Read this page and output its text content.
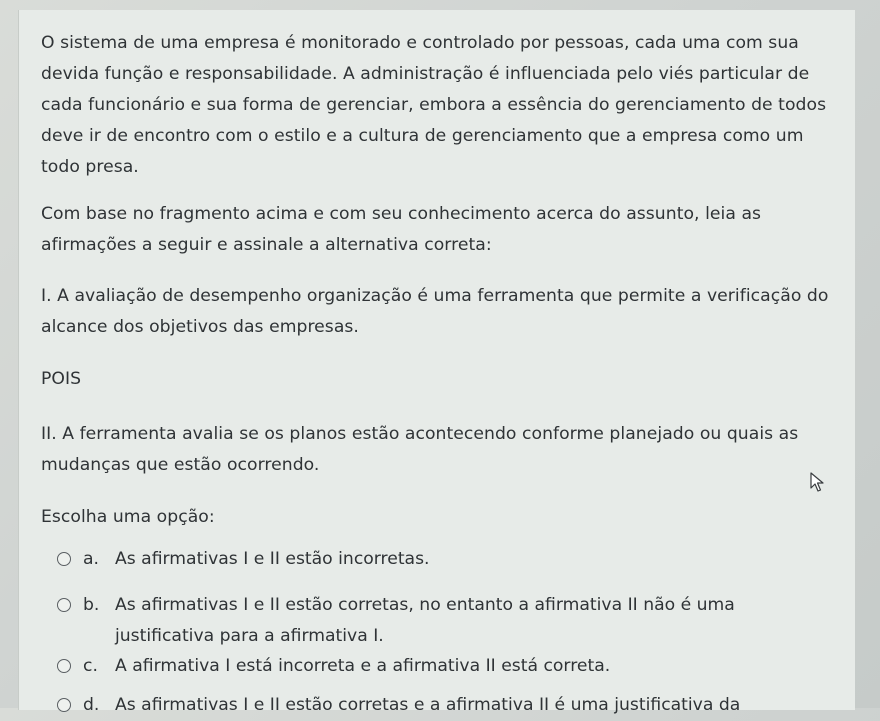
O sistema de uma empresa é monitorado e controlado por pessoas, cada uma com sua devida função e responsabilidade. A administração é influenciada pelo viés particular de cada funcionário e sua forma de gerenciar, embora a essência do gerenciamento de todos deve ir de encontro com o estilo e a cultura de gerenciamento que a empresa como um todo presa.

Com base no fragmento acima e com seu conhecimento acerca do assunto, leia as afirmações a seguir e assinale a alternativa correta:

I. A avaliação de desempenho organização é uma ferramenta que permite a verificação do alcance dos objetivos das empresas.

POIS

II. A ferramenta avalia se os planos estão acontecendo conforme planejado ou quais as mudanças que estão ocorrendo.

Escolha uma opção:

a. As afirmativas I e II estão incorretas.
b. As afirmativas I e II estão corretas, no entanto a afirmativa II não é uma justificativa para a afirmativa I.
c. A afirmativa I está incorreta e a afirmativa II está correta.
d. As afirmativas I e II estão corretas e a afirmativa II é uma justificativa da
